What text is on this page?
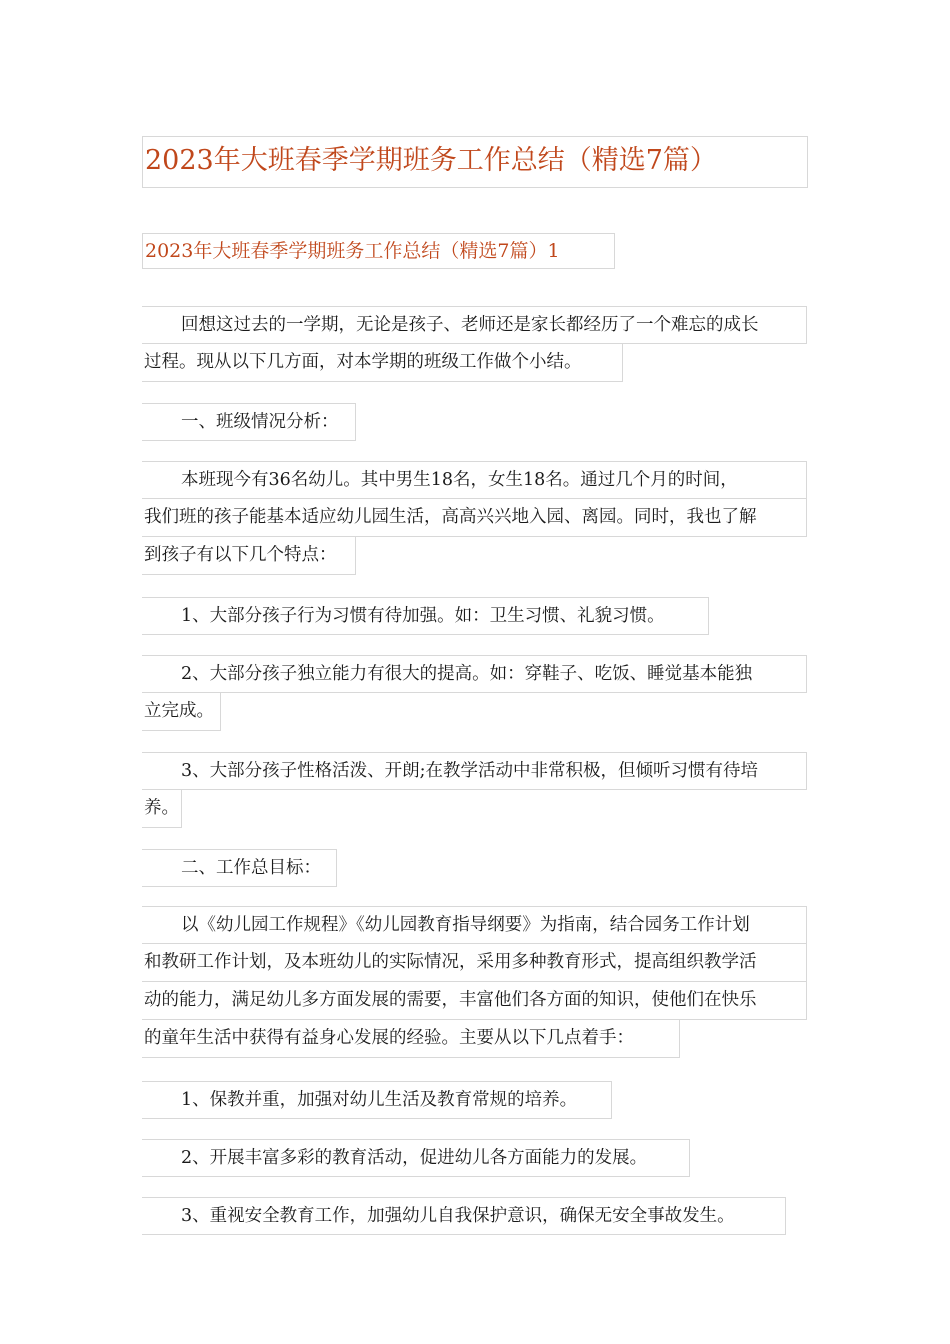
2023年大班春季学期班务工作总结（精选7篇）
2023年大班春季学期班务工作总结（精选7篇）1
回想这过去的一学期，无论是孩子、老师还是家长都经历了一个难忘的成长
过程。现从以下几方面，对本学期的班级工作做个小结。
一、班级情况分析：
本班现今有36名幼儿。其中男生18名，女生18名。通过几个月的时间，
我们班的孩子能基本适应幼儿园生活，高高兴兴地入园、离园。同时，我也了解
到孩子有以下几个特点：
1、大部分孩子行为习惯有待加强。如：卫生习惯、礼貌习惯。
2、大部分孩子独立能力有很大的提高。如：穿鞋子、吃饭、睡觉基本能独
立完成。
3、大部分孩子性格活泼、开朗;在教学活动中非常积极，但倾听习惯有待培
养。
二、工作总目标：
以《幼儿园工作规程》《幼儿园教育指导纲要》为指南，结合园务工作计划
和教研工作计划，及本班幼儿的实际情况，采用多种教育形式，提高组织教学活
动的能力，满足幼儿多方面发展的需要，丰富他们各方面的知识，使他们在快乐
的童年生活中获得有益身心发展的经验。主要从以下几点着手：
1、保教并重，加强对幼儿生活及教育常规的培养。
2、开展丰富多彩的教育活动，促进幼儿各方面能力的发展。
3、重视安全教育工作，加强幼儿自我保护意识，确保无安全事故发生。
